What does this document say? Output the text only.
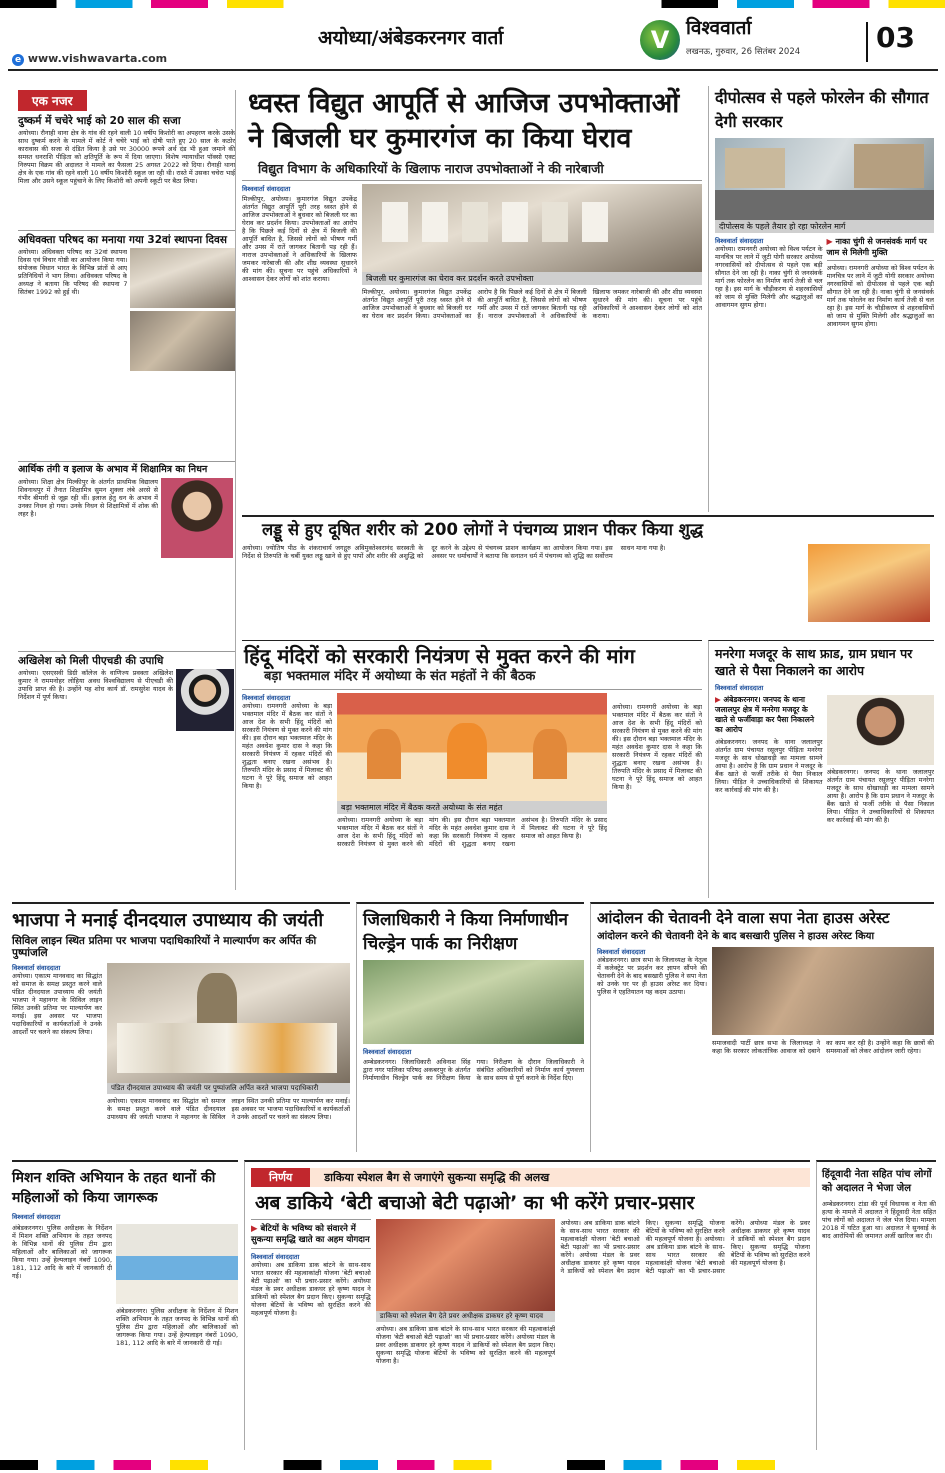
अयोध्या/अंबेडकरनगर वार्ता
e www.vishwavarta.com
V विश्ववार्ता
लखनऊ, गुरुवार, 26 सितंबर 2024	03
एक नजर
दुष्कर्म में चचेरे भाई को 20 साल की सजा
अयोध्या। रौनाही थाना क्षेत्र के गांव की रहने वाली 10 वर्षीय किशोरी का अपहरण करके उसके साथ दुष्कर्म करने के मामले में कोर्ट ने चचेरे भाई को दोषी पाते हुए 20 साल के कठोर कारावास की सजा से दंडित किया है उसे पर 30000 रूपये अर्थ दंड भी हुआ जमाने की समस्त धनराशि पीड़िता को क्षतिपूर्ति के रूप में दिया जाएगा। विशेष न्यायाधीश पॉक्सो एक्ट निरुपमा विक्रम की अदालत ने मामले का फैसला 25 अगस्त 2022 को दिया। रौनाही थाना क्षेत्र के एक गांव की रहने वाली 10 वर्षीय किशोरी स्कूल जा रही थी। रास्ते में उसका चचेरा भाई मिला और उसने स्कूल पहुंचाने के लिए किशोरी को अपनी स्कूटी पर बैठा लिया।
अधिवक्ता परिषद का मनाया गया 32वां स्थापना दिवस
अयोध्या। अधिवक्ता परिषद का 32वां स्थापना दिवस एवं विचार गोष्ठी का आयोजन किया गया। संयोजक विधान भारत के विभिन्न प्रांतों से आए प्रतिनिधियों ने भाग लिया। अधिवक्ता परिषद के अध्यक्ष ने बताया कि परिषद की स्थापना 7 सितंबर 1992 को हुई थी।
आर्थिक तंगी व इलाज के अभाव में शिक्षामित्र का निधन
अयोध्या। शिक्षा क्षेत्र मिल्कीपुर के अंतर्गत प्राथमिक विद्यालय शिवनाथपुर में तैनात शिक्षामित्र सुमन शुक्ला लंबे अरसे से गंभीर बीमारी से जूझ रही थीं। इलाज हेतु धन के अभाव में उनका निधन हो गया। उनके निधन से शिक्षामित्रों में शोक की लहर है।
अखिलेश को मिली पीएचडी की उपाधि
अयोध्या। एसएसवी डिग्री कॉलेज के वाणिज्य प्रवक्ता अखिलेश कुमार ने राममनोहर लोहिया अवध विश्वविद्यालय से पीएचडी की उपाधि प्राप्त की है। उन्होंने यह शोध कार्य डॉ. रामसुरेश यादव के निर्देशन में पूर्ण किया।
ध्वस्त विद्युत आपूर्ति से आजिज उपभोक्ताओं ने बिजली घर कुमारगंज का किया घेराव
विद्युत विभाग के अधिकारियों के खिलाफ नाराज उपभोक्ताओं ने की नारेबाजी
विश्ववार्ता संवाददाता
मिल्कीपुर, अयोध्या। कुमारगंज विद्युत उपकेंद्र अंतर्गत विद्युत आपूर्ति पूरी तरह ध्वस्त होने से आजिज उपभोक्ताओं ने बुधवार को बिजली घर का घेराव कर प्रदर्शन किया। उपभोक्ताओं का आरोप है कि पिछले कई दिनों से क्षेत्र में बिजली की आपूर्ति बाधित है, जिससे लोगों को भीषण गर्मी और उमस में रातें जागकर बितानी पड़ रही हैं। नाराज उपभोक्ताओं ने अधिकारियों के खिलाफ जमकर नारेबाजी की और शीघ्र व्यवस्था सुधारने की मांग की। सूचना पर पहुंचे अधिकारियों ने आश्वासन देकर लोगों को शांत कराया।	बिजली घर कुमारगंज का घेराव कर प्रदर्शन करते उपभोक्ता
मिल्कीपुर, अयोध्या। कुमारगंज विद्युत उपकेंद्र अंतर्गत विद्युत आपूर्ति पूरी तरह ध्वस्त होने से आजिज उपभोक्ताओं ने बुधवार को बिजली घर का घेराव कर प्रदर्शन किया। उपभोक्ताओं का आरोप है कि पिछले कई दिनों से क्षेत्र में बिजली की आपूर्ति बाधित है, जिससे लोगों को भीषण गर्मी और उमस में रातें जागकर बितानी पड़ रही हैं। नाराज उपभोक्ताओं ने अधिकारियों के खिलाफ जमकर नारेबाजी की और शीघ्र व्यवस्था सुधारने की मांग की। सूचना पर पहुंचे अधिकारियों ने आश्वासन देकर लोगों को शांत कराया।
दीपोत्सव से पहले फोरलेन की सौगात देगी सरकार
दीपोत्सव के पहले तैयार हो रहा फोरलेन मार्ग
विश्ववार्ता संवाददाता
अयोध्या। रामनगरी अयोध्या को विश्व पर्यटन के मानचित्र पर लाने में जुटी योगी सरकार अयोध्या नगरवासियों को दीपोत्सव से पहले एक बड़ी सौगात देने जा रही है। नाका चुंगी से जनसंवर्क मार्ग तक फोरलेन का निर्माण कार्य तेजी से चल रहा है। इस मार्ग के चौड़ीकरण से शहरवासियों को जाम से मुक्ति मिलेगी और श्रद्धालुओं का आवागमन सुगम होगा।
▶ नाका चुंगी से जनसंवर्क मार्ग पर जाम से मिलेगी मुक्ति
अयोध्या। रामनगरी अयोध्या को विश्व पर्यटन के मानचित्र पर लाने में जुटी योगी सरकार अयोध्या नगरवासियों को दीपोत्सव से पहले एक बड़ी सौगात देने जा रही है। नाका चुंगी से जनसंवर्क मार्ग तक फोरलेन का निर्माण कार्य तेजी से चल रहा है। इस मार्ग के चौड़ीकरण से शहरवासियों को जाम से मुक्ति मिलेगी और श्रद्धालुओं का आवागमन सुगम होगा।
लड्डू से हुए दूषित शरीर को 200 लोगों ने पंचगव्य प्राशन पीकर किया शुद्ध
अयोध्या। ज्योतिष पीठ के शंकराचार्य जगद्गुरु अविमुक्तेश्वरानंद सरस्वती के निर्देश से तिरुपति के चर्बी युक्त लड्डू खाने से हुए पापों और शरीर की अशुद्धि को दूर करने के उद्देश्य से पंचगव्य प्राशन कार्यक्रम का आयोजन किया गया। इस अवसर पर धर्माचार्यों ने बताया कि सनातन धर्म में पंचगव्य को शुद्धि का सर्वोत्तम साधन माना गया है।
हिंदू मंदिरों को सरकारी नियंत्रण से मुक्त करने की मांग
बड़ा भक्तमाल मंदिर में अयोध्या के संत महंतों ने की बैठक
विश्ववार्ता संवाददाता
अयोध्या। रामनगरी अयोध्या के बड़ा भक्तमाल मंदिर में बैठक कर संतों ने आज देश के सभी हिंदू मंदिरों को सरकारी नियंत्रण से मुक्त करने की मांग की। इस दौरान बड़ा भक्तमाल मंदिर के महंत अवधेश कुमार दास ने कहा कि सरकारी नियंत्रण में रहकर मंदिरों की शुद्धता बनाए रखना असंभव है। तिरुपति मंदिर के प्रसाद में मिलावट की घटना ने पूरे हिंदू समाज को आहत किया है।
बड़ा भक्तमाल मंदिर में बैठक करते अयोध्या के संत महंत
अयोध्या। रामनगरी अयोध्या के बड़ा भक्तमाल मंदिर में बैठक कर संतों ने आज देश के सभी हिंदू मंदिरों को सरकारी नियंत्रण से मुक्त करने की मांग की। इस दौरान बड़ा भक्तमाल मंदिर के महंत अवधेश कुमार दास ने कहा कि सरकारी नियंत्रण में रहकर मंदिरों की शुद्धता बनाए रखना असंभव है। तिरुपति मंदिर के प्रसाद में मिलावट की घटना ने पूरे हिंदू समाज को आहत किया है।
अयोध्या। रामनगरी अयोध्या के बड़ा भक्तमाल मंदिर में बैठक कर संतों ने आज देश के सभी हिंदू मंदिरों को सरकारी नियंत्रण से मुक्त करने की मांग की। इस दौरान बड़ा भक्तमाल मंदिर के महंत अवधेश कुमार दास ने कहा कि सरकारी नियंत्रण में रहकर मंदिरों की शुद्धता बनाए रखना असंभव है। तिरुपति मंदिर के प्रसाद में मिलावट की घटना ने पूरे हिंदू समाज को आहत किया है।
मनरेगा मजदूर के साथ फ्राड, ग्राम प्रधान पर खाते से पैसा निकालने का आरोप
विश्ववार्ता संवाददाता
▶ अंबेडकरनगर। जनपद के थाना जलालपुर क्षेत्र में मनरेगा मजदूर के खाते से फर्जीवाड़ा कर पैसा निकालने का आरोप
अंबेडकरनगर। जनपद के थाना जलालपुर अंतर्गत ग्राम पंचायत रसूलपुर पीड़िता मनरेगा मजदूर के साथ धोखाधड़ी का मामला सामने आया है। आरोप है कि ग्राम प्रधान ने मजदूर के बैंक खाते से फर्जी तरीके से पैसा निकाल लिया। पीड़ित ने उच्चाधिकारियों से शिकायत कर कार्रवाई की मांग की है।
अंबेडकरनगर। जनपद के थाना जलालपुर अंतर्गत ग्राम पंचायत रसूलपुर पीड़िता मनरेगा मजदूर के साथ धोखाधड़ी का मामला सामने आया है। आरोप है कि ग्राम प्रधान ने मजदूर के बैंक खाते से फर्जी तरीके से पैसा निकाल लिया। पीड़ित ने उच्चाधिकारियों से शिकायत कर कार्रवाई की मांग की है।
भाजपा ने मनाई दीनदयाल उपाध्याय की जयंती
सिविल लाइन स्थित प्रतिमा पर भाजपा पदाधिकारियों ने माल्यार्पण कर अर्पित की पुष्पांजलि
विश्ववार्ता संवाददाता
अयोध्या। एकात्म मानववाद का सिद्धांत को समाज के समक्ष प्रस्तुत करने वाले पंडित दीनदयाल उपाध्याय की जयंती भाजपा ने महानगर के सिविल लाइन स्थित उनकी प्रतिमा पर माल्यार्पण कर मनाई। इस अवसर पर भाजपा पदाधिकारियों व कार्यकर्ताओं ने उनके आदर्शों पर चलने का संकल्प लिया।
पंडित दीनदयाल उपाध्याय की जयंती पर पुष्पांजलि अर्पित करते भाजपा पदाधिकारी
अयोध्या। एकात्म मानववाद का सिद्धांत को समाज के समक्ष प्रस्तुत करने वाले पंडित दीनदयाल उपाध्याय की जयंती भाजपा ने महानगर के सिविल लाइन स्थित उनकी प्रतिमा पर माल्यार्पण कर मनाई। इस अवसर पर भाजपा पदाधिकारियों व कार्यकर्ताओं ने उनके आदर्शों पर चलने का संकल्प लिया।
जिलाधिकारी ने किया निर्माणाधीन चिल्ड्रेन पार्क का निरीक्षण
विश्ववार्ता संवाददाता
अम्बेडकरनगर। जिलाधिकारी अविनाश सिंह द्वारा नगर पालिका परिषद अकबरपुर के अंतर्गत निर्माणाधीन चिल्ड्रेन पार्क का निरीक्षण किया गया। निरीक्षण के दौरान जिलाधिकारी ने संबंधित अधिकारियों को निर्माण कार्य गुणवत्ता के साथ समय से पूर्ण कराने के निर्देश दिए।
आंदोलन की चेतावनी देने वाला सपा नेता हाउस अरेस्ट
आंदोलन करने की चेतावनी देने के बाद बसखारी पुलिस ने हाउस अरेस्ट किया
विश्ववार्ता संवाददाता
अंबेडकरनगर। छात्र सभा के जिलाध्यक्ष के नेतृत्व में कलेक्ट्रेट पर प्रदर्शन कर ज्ञापन सौंपने की चेतावनी देने के बाद बसखारी पुलिस ने सपा नेता को उनके घर पर ही हाउस अरेस्ट कर दिया। पुलिस ने एहतियातन यह कदम उठाया।
समाजवादी पार्टी छात्र सभा के जिलाध्यक्ष ने कहा कि सरकार लोकतांत्रिक आवाज को दबाने का काम कर रही है। उन्होंने कहा कि छात्रों की समस्याओं को लेकर आंदोलन जारी रहेगा।
मिशन शक्ति अभियान के तहत थानों की महिलाओं को किया जागरूक
विश्ववार्ता संवाददाता
अंबेडकरनगर। पुलिस अधीक्षक के निर्देशन में मिशन शक्ति अभियान के तहत जनपद के विभिन्न थानों की पुलिस टीम द्वारा महिलाओं और बालिकाओं को जागरूक किया गया। उन्हें हेल्पलाइन नंबरों 1090, 181, 112 आदि के बारे में जानकारी दी गई।
अंबेडकरनगर। पुलिस अधीक्षक के निर्देशन में मिशन शक्ति अभियान के तहत जनपद के विभिन्न थानों की पुलिस टीम द्वारा महिलाओं और बालिकाओं को जागरूक किया गया। उन्हें हेल्पलाइन नंबरों 1090, 181, 112 आदि के बारे में जानकारी दी गई।
निर्णय	डाकिया स्पेशल बैग से जगाएंगे सुकन्या समृद्धि की अलख
अब डाकिये ‘बेटी बचाओ बेटी पढ़ाओ’ का भी करेंगे प्रचार-प्रसार
▶ बेटियों के भविष्य को संवारने में सुकन्या समृद्धि खाते का अहम योगदान
विश्ववार्ता संवाददाता
अयोध्या। अब डाकिया डाक बांटने के साथ-साथ भारत सरकार की महत्वाकांक्षी योजना 'बेटी बचाओ बेटी पढ़ाओ' का भी प्रचार-प्रसार करेंगे। अयोध्या मंडल के प्रवर अधीक्षक डाकघर हरे कृष्ण यादव ने डाकियों को स्पेशल बैग प्रदान किए। सुकन्या समृद्धि योजना बेटियों के भविष्य को सुरक्षित करने की महत्वपूर्ण योजना है।	डाकिया को स्पेशल बैग देते प्रवर अधीक्षक डाकघर हरे कृष्ण यादव
अयोध्या। अब डाकिया डाक बांटने के साथ-साथ भारत सरकार की महत्वाकांक्षी योजना 'बेटी बचाओ बेटी पढ़ाओ' का भी प्रचार-प्रसार करेंगे। अयोध्या मंडल के प्रवर अधीक्षक डाकघर हरे कृष्ण यादव ने डाकियों को स्पेशल बैग प्रदान किए। सुकन्या समृद्धि योजना बेटियों के भविष्य को सुरक्षित करने की महत्वपूर्ण योजना है।
अयोध्या। अब डाकिया डाक बांटने के साथ-साथ भारत सरकार की महत्वाकांक्षी योजना 'बेटी बचाओ बेटी पढ़ाओ' का भी प्रचार-प्रसार करेंगे। अयोध्या मंडल के प्रवर अधीक्षक डाकघर हरे कृष्ण यादव ने डाकियों को स्पेशल बैग प्रदान किए। सुकन्या समृद्धि योजना बेटियों के भविष्य को सुरक्षित करने की महत्वपूर्ण योजना है। अयोध्या। अब डाकिया डाक बांटने के साथ-साथ भारत सरकार की महत्वाकांक्षी योजना 'बेटी बचाओ बेटी पढ़ाओ' का भी प्रचार-प्रसार करेंगे। अयोध्या मंडल के प्रवर अधीक्षक डाकघर हरे कृष्ण यादव ने डाकियों को स्पेशल बैग प्रदान किए। सुकन्या समृद्धि योजना बेटियों के भविष्य को सुरक्षित करने की महत्वपूर्ण योजना है।
हिंदूवादी नेता सहित पांच लोगों को अदालत ने भेजा जेल
अम्बेडकरनगर। टांडा की पूर्व विधायक व नेता की हत्या के मामले में अदालत ने हिंदूवादी नेता सहित पांच लोगों को अदालत ने जेल भेज दिया। मामला 2018 में घटित हुआ था। अदालत ने सुनवाई के बाद आरोपियों की जमानत अर्जी खारिज कर दी।
